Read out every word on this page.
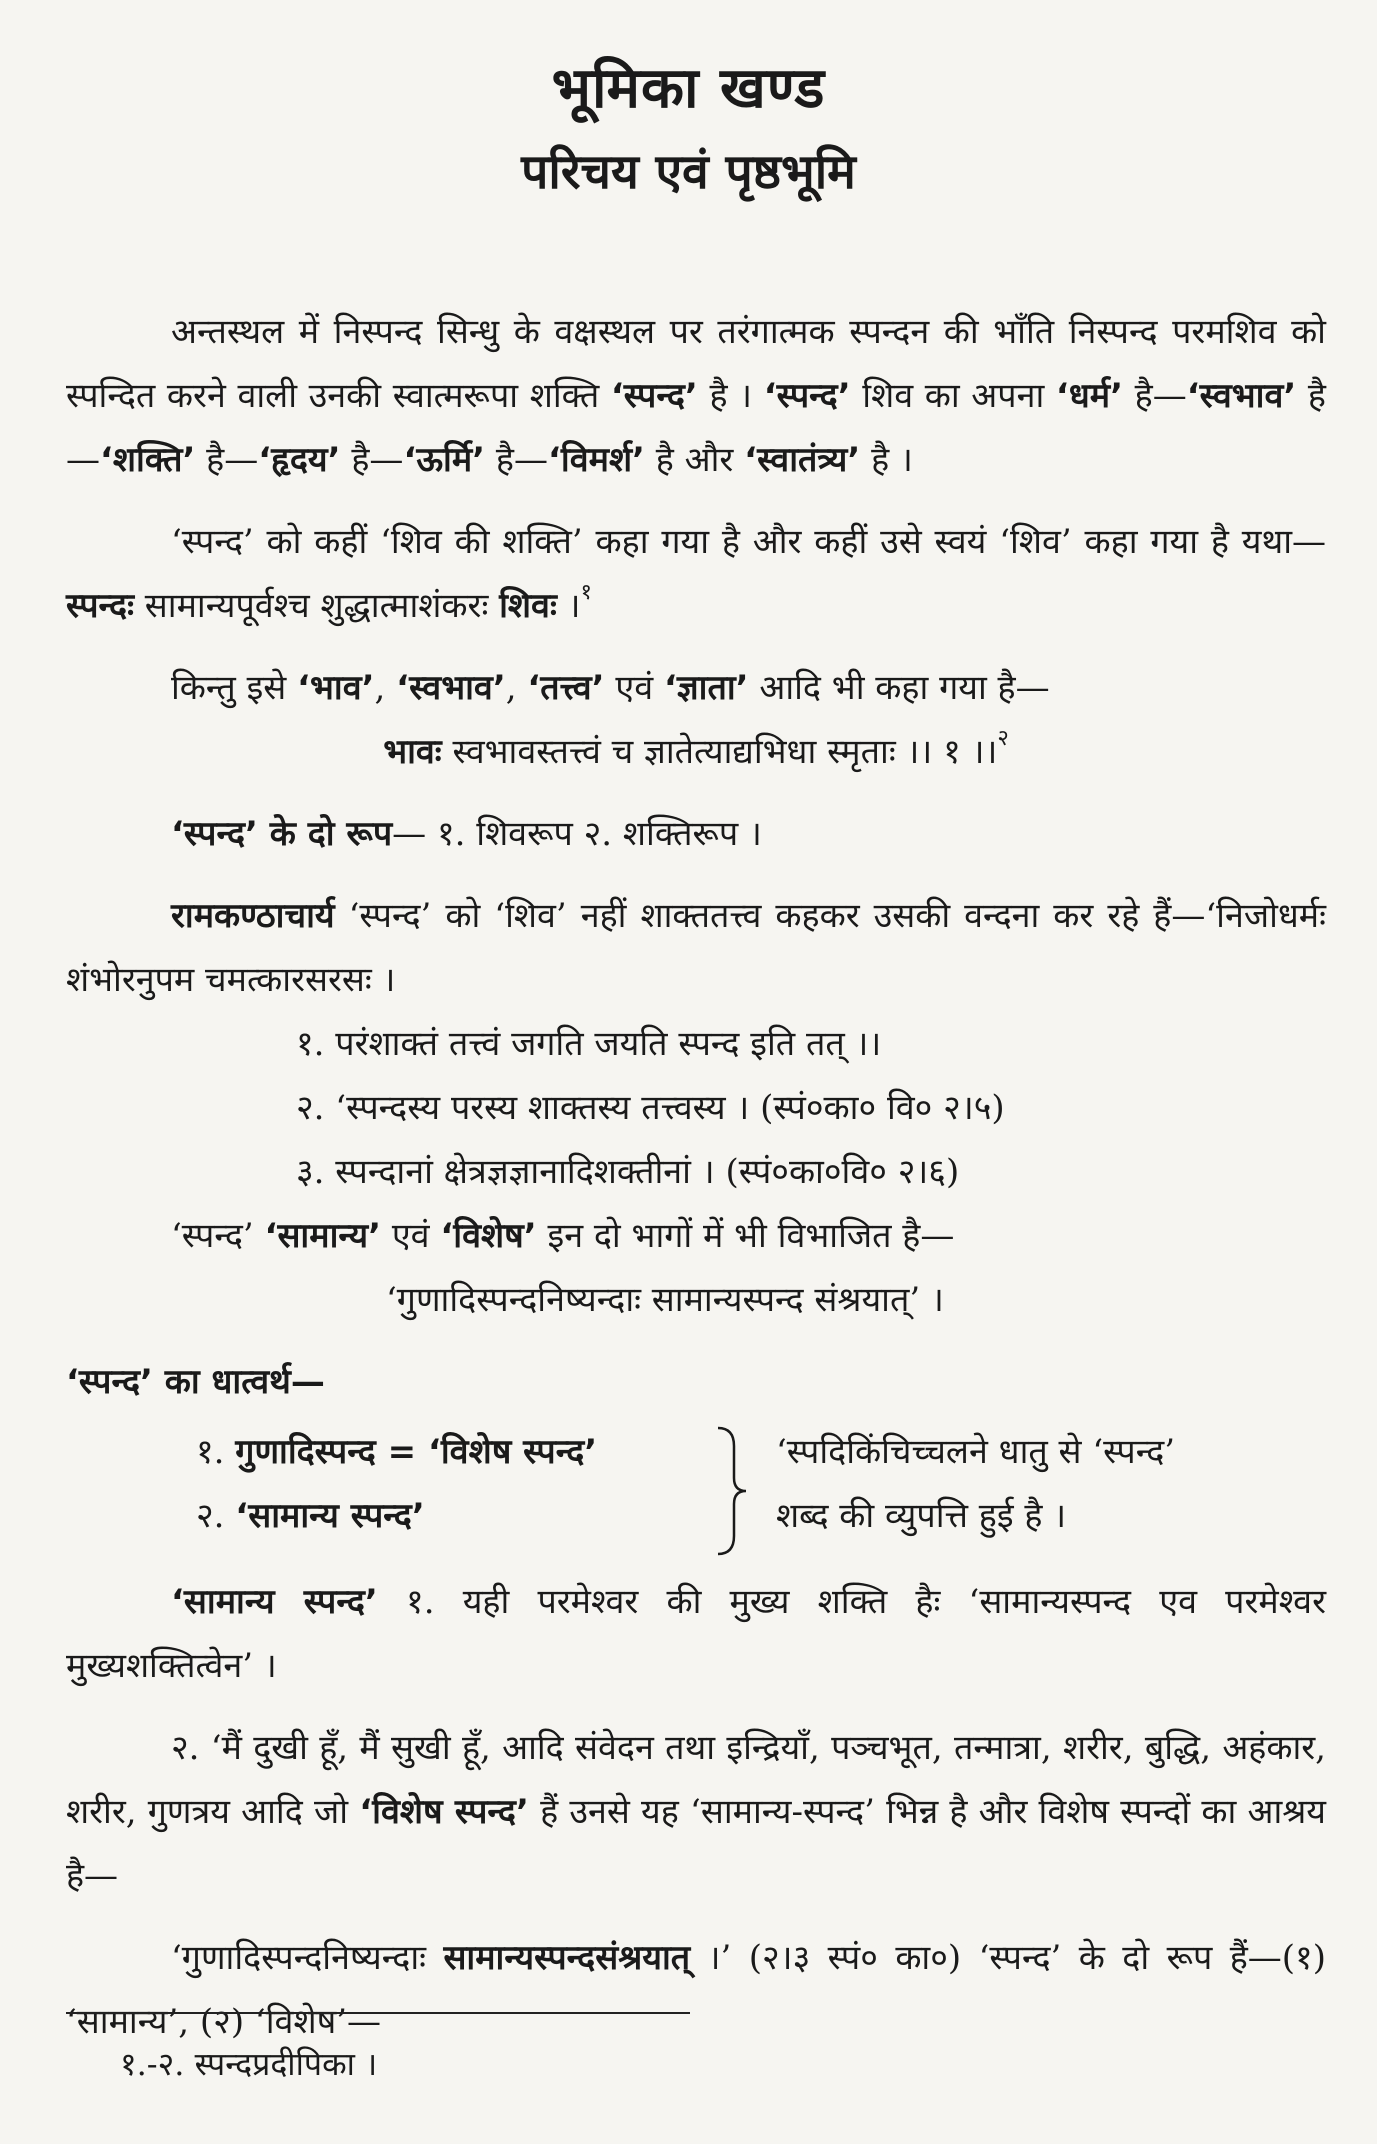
भूमिका खण्ड
परिचय एवं पृष्ठभूमि

अन्तस्थल में निस्पन्द सिन्धु के वक्षस्थल पर तरंगात्मक स्पन्दन की भाँति निस्पन्द परमशिव को स्पन्दित करने वाली उनकी स्वात्मरूपा शक्ति ‘स्पन्द’ है । ‘स्पन्द’ शिव का अपना ‘धर्म’ है—‘स्वभाव’ है—‘शक्ति’ है—‘हृदय’ है—‘ऊर्मि’ है—‘विमर्श’ है और ‘स्वातंत्र्य’ है ।

‘स्पन्द’ को कहीं ‘शिव की शक्ति’ कहा गया है और कहीं उसे स्वयं ‘शिव’ कहा गया है यथा— स्पन्दः सामान्यपूर्वश्च शुद्धात्माशंकरः शिवः ।$^१$

किन्तु इसे ‘भाव’, ‘स्वभाव’, ‘तत्त्व’ एवं ‘ज्ञाता’ आदि भी कहा गया है—

भावः स्वभावस्तत्त्वं च ज्ञातेत्याद्यभिधा स्मृताः ।। १ ।।$^२$

‘स्पन्द’ के दो रूप— १. शिवरूप २. शक्तिरूप ।

रामकण्ठाचार्य ‘स्पन्द’ को ‘शिव’ नहीं शाक्ततत्त्व कहकर उसकी वन्दना कर रहे हैं—‘निजोधर्मः शंभोरनुपम चमत्कारसरसः ।

१. परंशाक्तं तत्त्वं जगति जयति स्पन्द इति तत् ।।

२. ‘स्पन्दस्य परस्य शाक्तस्य तत्त्वस्य । (स्पं०का० वि० २।५)

३. स्पन्दानां क्षेत्रज्ञज्ञानादिशक्तीनां । (स्पं०का०वि० २।६)

‘स्पन्द’ ‘सामान्य’ एवं ‘विशेष’ इन दो भागों में भी विभाजित है—

‘गुणादिस्पन्दनिष्यन्दाः सामान्यस्पन्द संश्रयात्’ ।

‘स्पन्द’ का धात्वर्थ—

१. गुणादिस्पन्द = ‘विशेष स्पन्द’
२. ‘सामान्य स्पन्द’
‘स्पदिकिंचिच्चलने धातु से ‘स्पन्द’
शब्द की व्युपत्ति हुई है ।

‘सामान्य स्पन्द’ १. यही परमेश्वर की मुख्य शक्ति हैः ‘सामान्यस्पन्द एव परमेश्वर मुख्यशक्तित्वेन’ ।

२. ‘मैं दुखी हूँ, मैं सुखी हूँ, आदि संवेदन तथा इन्द्रियाँ, पञ्चभूत, तन्मात्रा, शरीर, बुद्धि, अहंकार, शरीर, गुणत्रय आदि जो ‘विशेष स्पन्द’ हैं उनसे यह ‘सामान्य-स्पन्द’ भिन्न है और विशेष स्पन्दों का आश्रय है—

‘गुणादिस्पन्दनिष्यन्दाः सामान्यस्पन्दसंश्रयात् ।’ (२।३ स्पं० का०) ‘स्पन्द’ के दो रूप हैं—(१) ‘सामान्य’, (२) ‘विशेष’—

१.-२. स्पन्दप्रदीपिका ।
